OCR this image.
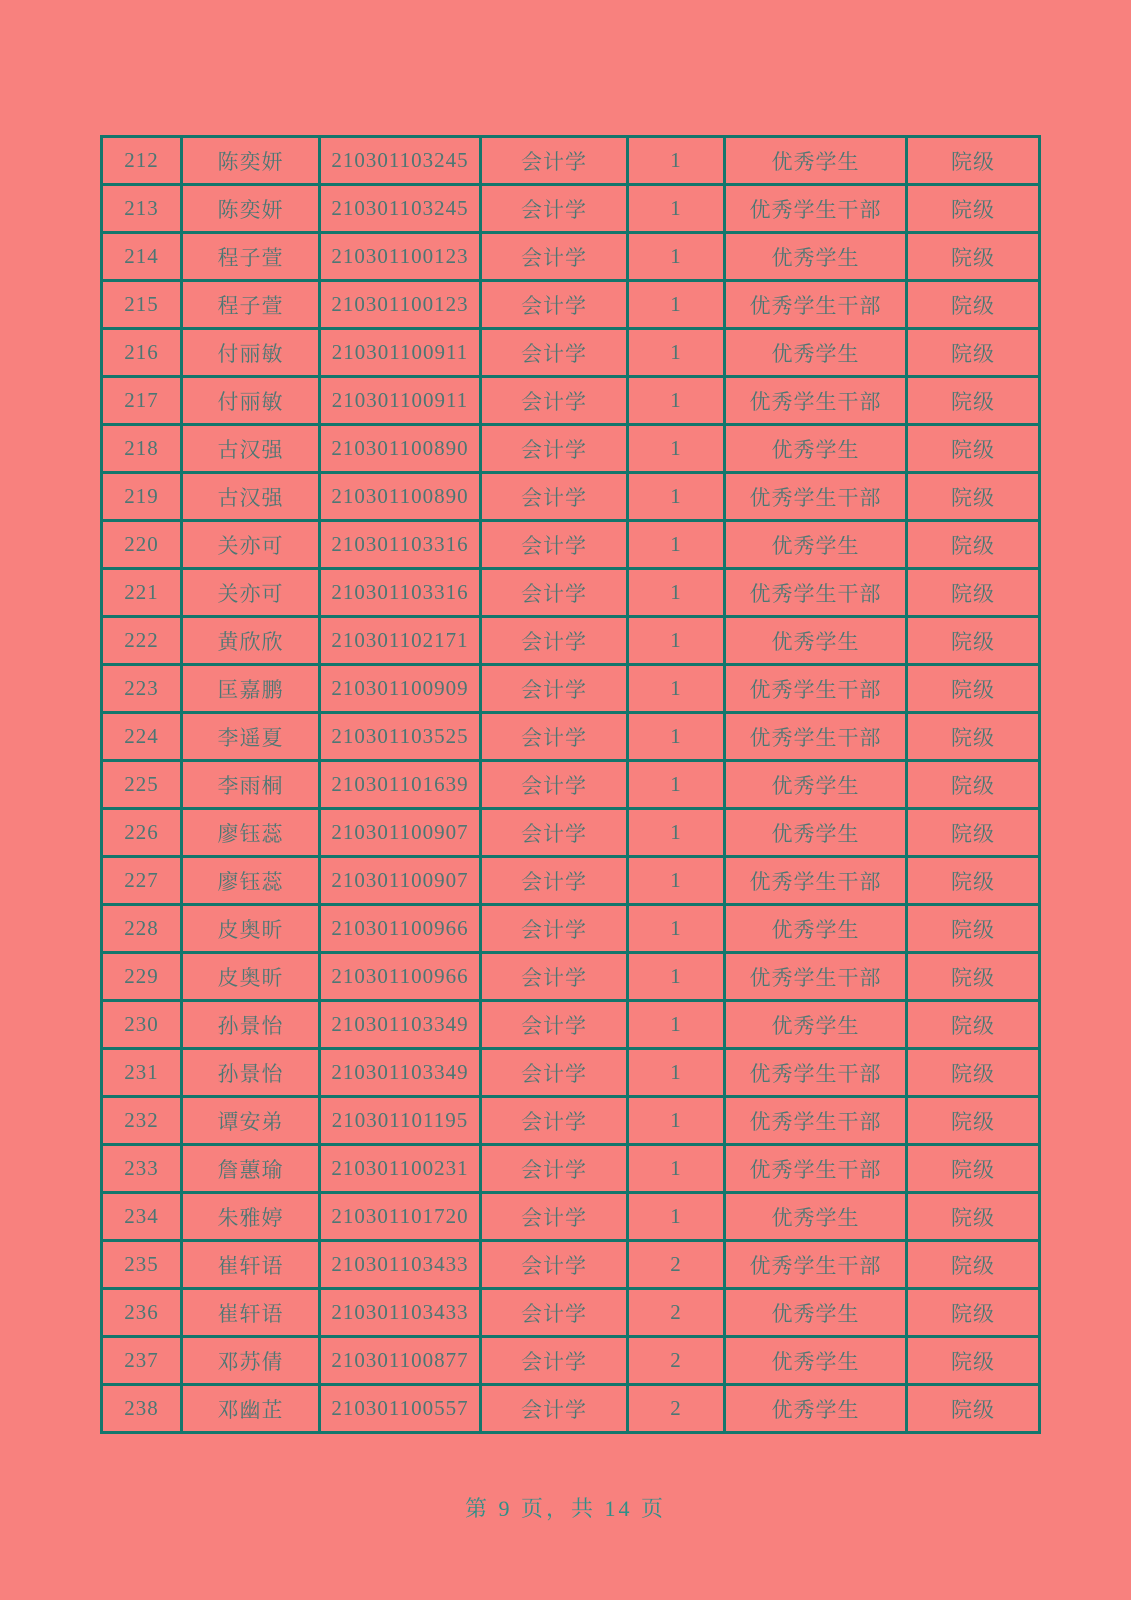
212	陈奕妍	210301103245	会计学	1	优秀学生	院级
213	陈奕妍	210301103245	会计学	1	优秀学生干部	院级
214	程子萱	210301100123	会计学	1	优秀学生	院级
215	程子萱	210301100123	会计学	1	优秀学生干部	院级
216	付丽敏	210301100911	会计学	1	优秀学生	院级
217	付丽敏	210301100911	会计学	1	优秀学生干部	院级
218	古汉强	210301100890	会计学	1	优秀学生	院级
219	古汉强	210301100890	会计学	1	优秀学生干部	院级
220	关亦可	210301103316	会计学	1	优秀学生	院级
221	关亦可	210301103316	会计学	1	优秀学生干部	院级
222	黄欣欣	210301102171	会计学	1	优秀学生	院级
223	匡嘉鹏	210301100909	会计学	1	优秀学生干部	院级
224	李遥夏	210301103525	会计学	1	优秀学生干部	院级
225	李雨桐	210301101639	会计学	1	优秀学生	院级
226	廖钰蕊	210301100907	会计学	1	优秀学生	院级
227	廖钰蕊	210301100907	会计学	1	优秀学生干部	院级
228	皮奥昕	210301100966	会计学	1	优秀学生	院级
229	皮奥昕	210301100966	会计学	1	优秀学生干部	院级
230	孙景怡	210301103349	会计学	1	优秀学生	院级
231	孙景怡	210301103349	会计学	1	优秀学生干部	院级
232	谭安弟	210301101195	会计学	1	优秀学生干部	院级
233	詹蕙瑜	210301100231	会计学	1	优秀学生干部	院级
234	朱雅婷	210301101720	会计学	1	优秀学生	院级
235	崔轩语	210301103433	会计学	2	优秀学生干部	院级
236	崔轩语	210301103433	会计学	2	优秀学生	院级
237	邓苏倩	210301100877	会计学	2	优秀学生	院级
238	邓幽芷	210301100557	会计学	2	优秀学生	院级
第 9 页，共 14 页
